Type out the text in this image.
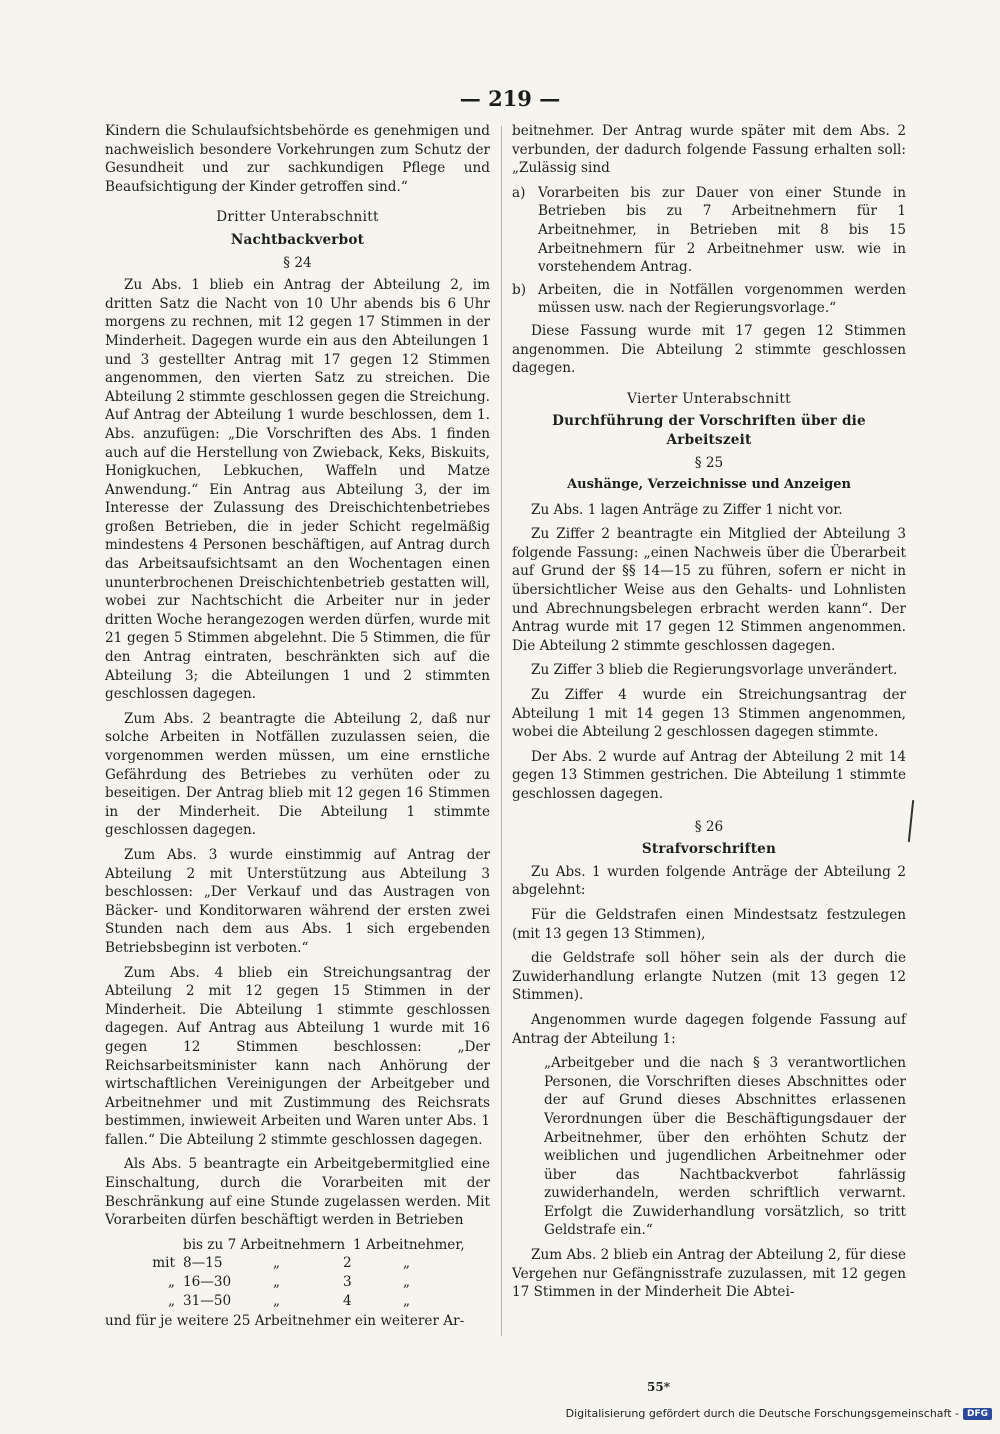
— 219 —

Kindern die Schulaufsichtsbehörde es genehmigen und nachweislich besondere Vorkehrungen zum Schutz der Gesundheit und zur sachkundigen Pflege und Beaufsichtigung der Kinder getroffen sind.“

Dritter Unterabschnitt
Nachtbackverbot
§ 24

Zu Abs. 1 blieb ein Antrag der Abteilung 2, im dritten Satz die Nacht von 10 Uhr abends bis 6 Uhr morgens zu rechnen, mit 12 gegen 17 Stimmen in der Minderheit. Dagegen wurde ein aus den Abteilungen 1 und 3 gestellter Antrag mit 17 gegen 12 Stimmen angenommen, den vierten Satz zu streichen. Die Abteilung 2 stimmte geschlossen gegen die Streichung. Auf Antrag der Abteilung 1 wurde beschlossen, dem 1. Abs. anzufügen: „Die Vorschriften des Abs. 1 finden auch auf die Herstellung von Zwieback, Keks, Biskuits, Honigkuchen, Lebkuchen, Waffeln und Matze Anwendung.“ Ein Antrag aus Abteilung 3, der im Interesse der Zulassung des Dreischichtenbetriebes großen Betrieben, die in jeder Schicht regelmäßig mindestens 4 Personen beschäftigen, auf Antrag durch das Arbeitsaufsichtsamt an den Wochentagen einen ununterbrochenen Dreischichtenbetrieb gestatten will, wobei zur Nachtschicht die Arbeiter nur in jeder dritten Woche herangezogen werden dürfen, wurde mit 21 gegen 5 Stimmen abgelehnt. Die 5 Stimmen, die für den Antrag eintraten, beschränkten sich auf die Abteilung 3; die Abteilungen 1 und 2 stimmten geschlossen dagegen.

Zum Abs. 2 beantragte die Abteilung 2, daß nur solche Arbeiten in Notfällen zuzulassen seien, die vorgenommen werden müssen, um eine ernstliche Gefährdung des Betriebes zu verhüten oder zu beseitigen. Der Antrag blieb mit 12 gegen 16 Stimmen in der Minderheit. Die Abteilung 1 stimmte geschlossen dagegen.

Zum Abs. 3 wurde einstimmig auf Antrag der Abteilung 2 mit Unterstützung aus Abteilung 3 beschlossen: „Der Verkauf und das Austragen von Bäcker- und Konditorwaren während der ersten zwei Stunden nach dem aus Abs. 1 sich ergebenden Betriebsbeginn ist verboten.“

Zum Abs. 4 blieb ein Streichungsantrag der Abteilung 2 mit 12 gegen 15 Stimmen in der Minderheit. Die Abteilung 1 stimmte geschlossen dagegen. Auf Antrag aus Abteilung 1 wurde mit 16 gegen 12 Stimmen beschlossen: „Der Reichsarbeitsminister kann nach Anhörung der wirtschaftlichen Vereinigungen der Arbeitgeber und Arbeitnehmer und mit Zustimmung des Reichsrats bestimmen, inwieweit Arbeiten und Waren unter Abs. 1 fallen.“ Die Abteilung 2 stimmte geschlossen dagegen.

Als Abs. 5 beantragte ein Arbeitgebermitglied eine Einschaltung, durch die Vorarbeiten mit der Beschränkung auf eine Stunde zugelassen werden. Mit Vorarbeiten dürfen beschäftigt werden in Betrieben

bis zu 7 Arbeitnehmern 1 Arbeitnehmer,
mit 8—15	„	2	„
„ 16—30	„	3	„
„ 31—50	„	4	„

und für je weitere 25 Arbeitnehmer ein weiterer Ar-

beitnehmer. Der Antrag wurde später mit dem Abs. 2 verbunden, der dadurch folgende Fassung erhalten soll: „Zulässig sind

a) Vorarbeiten bis zur Dauer von einer Stunde in Betrieben bis zu 7 Arbeitnehmern für 1 Arbeitnehmer, in Betrieben mit 8 bis 15 Arbeitnehmern für 2 Arbeitnehmer usw. wie in vorstehendem Antrag.
b) Arbeiten, die in Notfällen vorgenommen werden müssen usw. nach der Regierungsvorlage.“

Diese Fassung wurde mit 17 gegen 12 Stimmen angenommen. Die Abteilung 2 stimmte geschlossen dagegen.

Vierter Unterabschnitt
Durchführung der Vorschriften über die Arbeitszeit
§ 25
Aushänge, Verzeichnisse und Anzeigen

Zu Abs. 1 lagen Anträge zu Ziffer 1 nicht vor.

Zu Ziffer 2 beantragte ein Mitglied der Abteilung 3 folgende Fassung: „einen Nachweis über die Überarbeit auf Grund der §§ 14—15 zu führen, sofern er nicht in übersichtlicher Weise aus den Gehalts- und Lohnlisten und Abrechnungsbelegen erbracht werden kann“. Der Antrag wurde mit 17 gegen 12 Stimmen angenommen. Die Abteilung 2 stimmte geschlossen dagegen.

Zu Ziffer 3 blieb die Regierungsvorlage unverändert.

Zu Ziffer 4 wurde ein Streichungsantrag der Abteilung 1 mit 14 gegen 13 Stimmen angenommen, wobei die Abteilung 2 geschlossen dagegen stimmte.

Der Abs. 2 wurde auf Antrag der Abteilung 2 mit 14 gegen 13 Stimmen gestrichen. Die Abteilung 1 stimmte geschlossen dagegen.

§ 26
Strafvorschriften

Zu Abs. 1 wurden folgende Anträge der Abteilung 2 abgelehnt:

Für die Geldstrafen einen Mindestsatz festzulegen (mit 13 gegen 13 Stimmen),

die Geldstrafe soll höher sein als der durch die Zuwiderhandlung erlangte Nutzen (mit 13 gegen 12 Stimmen).

Angenommen wurde dagegen folgende Fassung auf Antrag der Abteilung 1:

„Arbeitgeber und die nach § 3 verantwortlichen Personen, die Vorschriften dieses Abschnittes oder der auf Grund dieses Abschnittes erlassenen Verordnungen über die Beschäftigungsdauer der Arbeitnehmer, über den erhöhten Schutz der weiblichen und jugendlichen Arbeitnehmer oder über das Nachtbackverbot fahrlässig zuwiderhandeln, werden schriftlich verwarnt. Erfolgt die Zuwiderhandlung vorsätzlich, so tritt Geldstrafe ein.“

Zum Abs. 2 blieb ein Antrag der Abteilung 2, für diese Vergehen nur Gefängnisstrafe zuzulassen, mit 12 gegen 17 Stimmen in der Minderheit Die Abtei-

55*
Digitalisierung gefördert durch die Deutsche Forschungsgemeinschaft - DFG
